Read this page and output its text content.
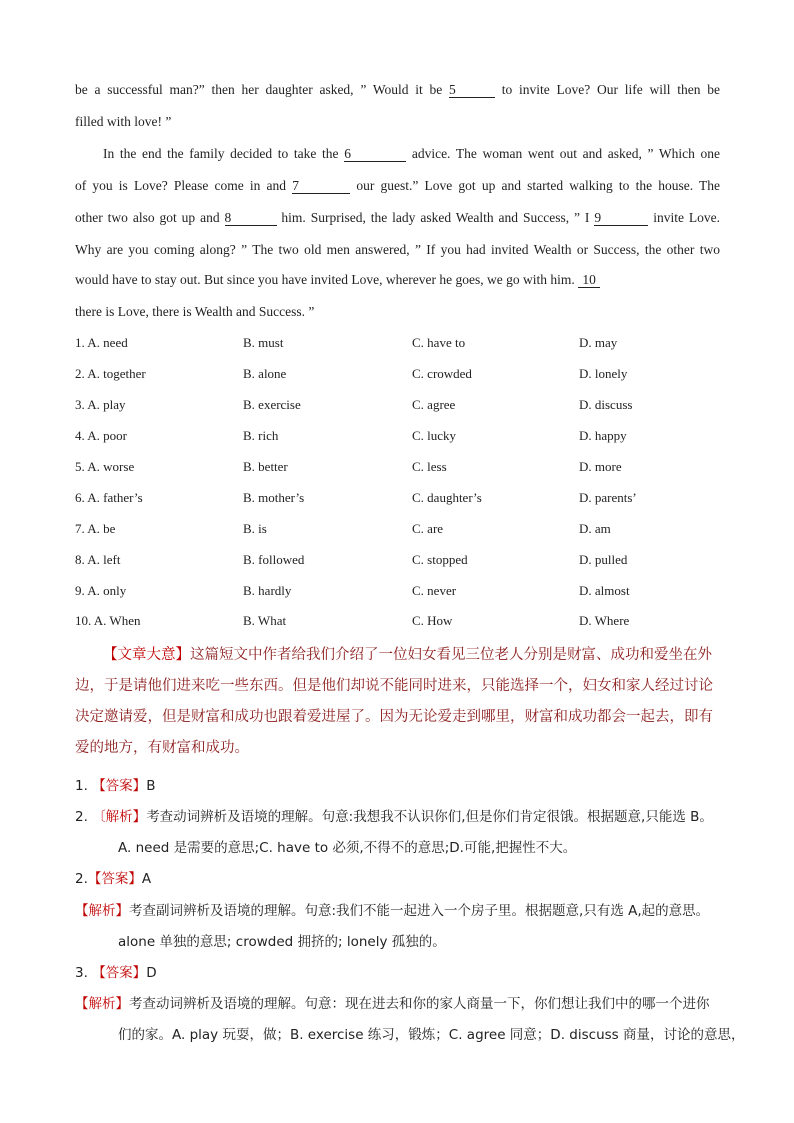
be a successful man?” then her daughter asked, ” Would it be 5	to invite Love? Our life will then be
filled with love! ”
In the end the family decided to take the 6	advice. The woman went out and asked, ” Which one
of you is Love? Please come in and 7	our guest.” Love got up and started walking to the house. The
other two also got up and 8	him. Surprised, the lady asked Wealth and Success, ” I 9	invite Love.
Why are you coming along? ” The two old men answered, ” If you had invited Wealth or Success, the other two
would have to stay out. But since you have invited Love, wherever he goes, we go with him. 10
there is Love, there is Wealth and Success. ”
1. A. need	B. must	C. have to	D. may
2. A. together	B. alone	C. crowded	D. lonely
3. A. play	B. exercise	C. agree	D. discuss
4. A. poor	B. rich	C. lucky	D. happy
5. A. worse	B. better	C. less	D. more
6. A. father’s	B. mother’s	C. daughter’s	D. parents’
7. A. be	B. is	C. are	D. am
8. A. left	B. followed	C. stopped	D. pulled
9. A. only	B. hardly	C. never	D. almost
10. A. When	B. What	C. How	D. Where
【文章大意】这篇短文中作者给我们介绍了一位妇女看见三位老人分别是财富、成功和爱坐在外边，于是请他们进来吃一些东西。但是他们却说不能同时进来，只能选择一个，妇女和家人经过讨论决定邀请爱，但是财富和成功也跟着爱进屋了。因为无论爱走到哪里，财富和成功都会一起去，即有爱的地方，有财富和成功。
1. 【答案】B
2. 〔解析】考查动词辨析及语境的理解。句意:我想我不认识你们,但是你们肯定很饿。根据题意,只能选 B。
A. need 是需要的意思;C. have to 必须,不得不的意思;D.可能,把握性不大。
2.【答案】A
【解析】考查副词辨析及语境的理解。句意:我们不能一起进入一个房子里。根据题意,只有选 A,起的意思。
alone 单独的意思; crowded 拥挤的; lonely 孤独的。
3. 【答案】D
【解析】考查动词辨析及语境的理解。句意：现在进去和你的家人商量一下，你们想让我们中的哪一个进你
们的家。A. play 玩耍，做；B. exercise 练习，锻炼；C. agree 同意；D. discuss 商量，讨论的意思，
